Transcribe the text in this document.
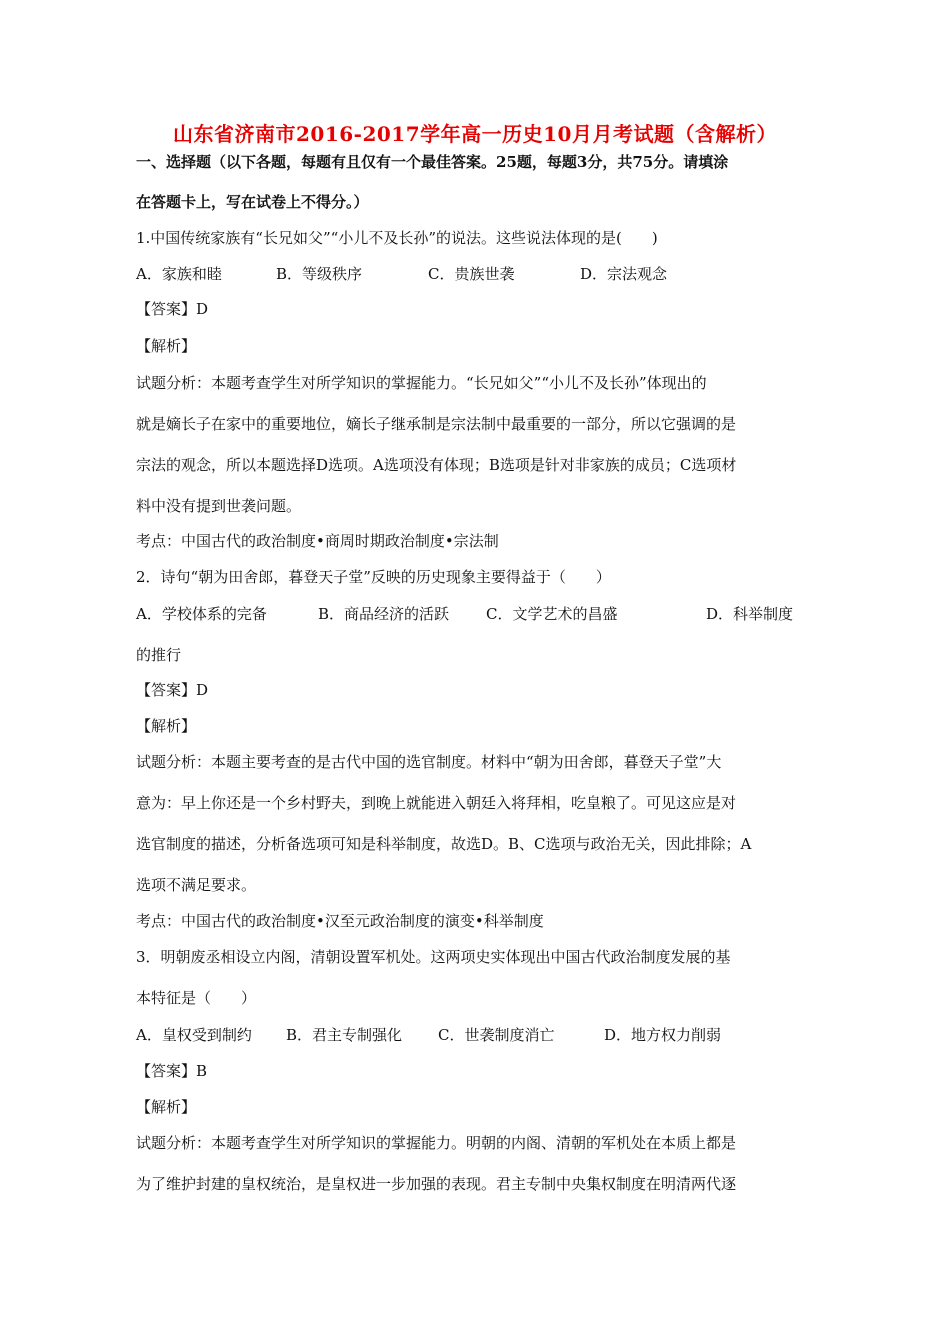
山东省济南市2016-2017学年高一历史10月月考试题（含解析）
一、选择题（以下各题，每题有且仅有一个最佳答案。25题，每题3分，共75分。请填涂
在答题卡上，写在试卷上不得分。）
1.中国传统家族有“长兄如父”“小儿不及长孙”的说法。这些说法体现的是(　　)
A．家族和睦	B．等级秩序	C．贵族世袭	D．宗法观念
【答案】D
【解析】
试题分析：本题考查学生对所学知识的掌握能力。“长兄如父”“小儿不及长孙”体现出的
就是嫡长子在家中的重要地位，嫡长子继承制是宗法制中最重要的一部分，所以它强调的是
宗法的观念，所以本题选择D选项。A选项没有体现；B选项是针对非家族的成员；C选项材
料中没有提到世袭问题。
考点：中国古代的政治制度•商周时期政治制度•宗法制
2．诗句“朝为田舍郎，暮登天子堂”反映的历史现象主要得益于（　　）
A．学校体系的完备	B．商品经济的活跃 C．文学艺术的昌盛	D．科举制度
的推行
【答案】D
【解析】
试题分析：本题主要考查的是古代中国的选官制度。材料中“朝为田舍郎，暮登天子堂”大
意为：早上你还是一个乡村野夫，到晚上就能进入朝廷入将拜相，吃皇粮了。可见这应是对
选官制度的描述，分析备选项可知是科举制度，故选D。B、C选项与政治无关，因此排除；A
选项不满足要求。
考点：中国古代的政治制度•汉至元政治制度的演变•科举制度
3．明朝废丞相设立内阁，清朝设置军机处。这两项史实体现出中国古代政治制度发展的基
本特征是（　　）
A．皇权受到制约 B．君主专制强化 C．世袭制度消亡	D．地方权力削弱
【答案】B
【解析】
试题分析：本题考查学生对所学知识的掌握能力。明朝的内阁、清朝的军机处在本质上都是
为了维护封建的皇权统治，是皇权进一步加强的表现。君主专制中央集权制度在明清两代逐
